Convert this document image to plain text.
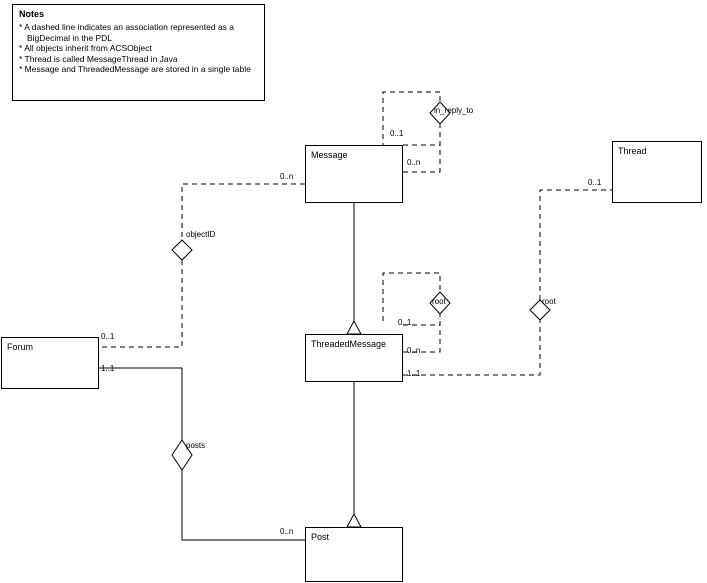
Notes
* A dashed line indicates an association represented as a BigDecimal in the PDL
* All objects inherit from ACSObject
* Thread is called MessageThread in Java
* Message and ThreadedMessage are stored in a single table
Message	Thread
Forum	ThreadedMessage
Post
in_reply_to
objectID
root	root
posts
0..1
0..n
0..n
0..1
0..1
1..1
0..1
0..n
1..1
0..n
